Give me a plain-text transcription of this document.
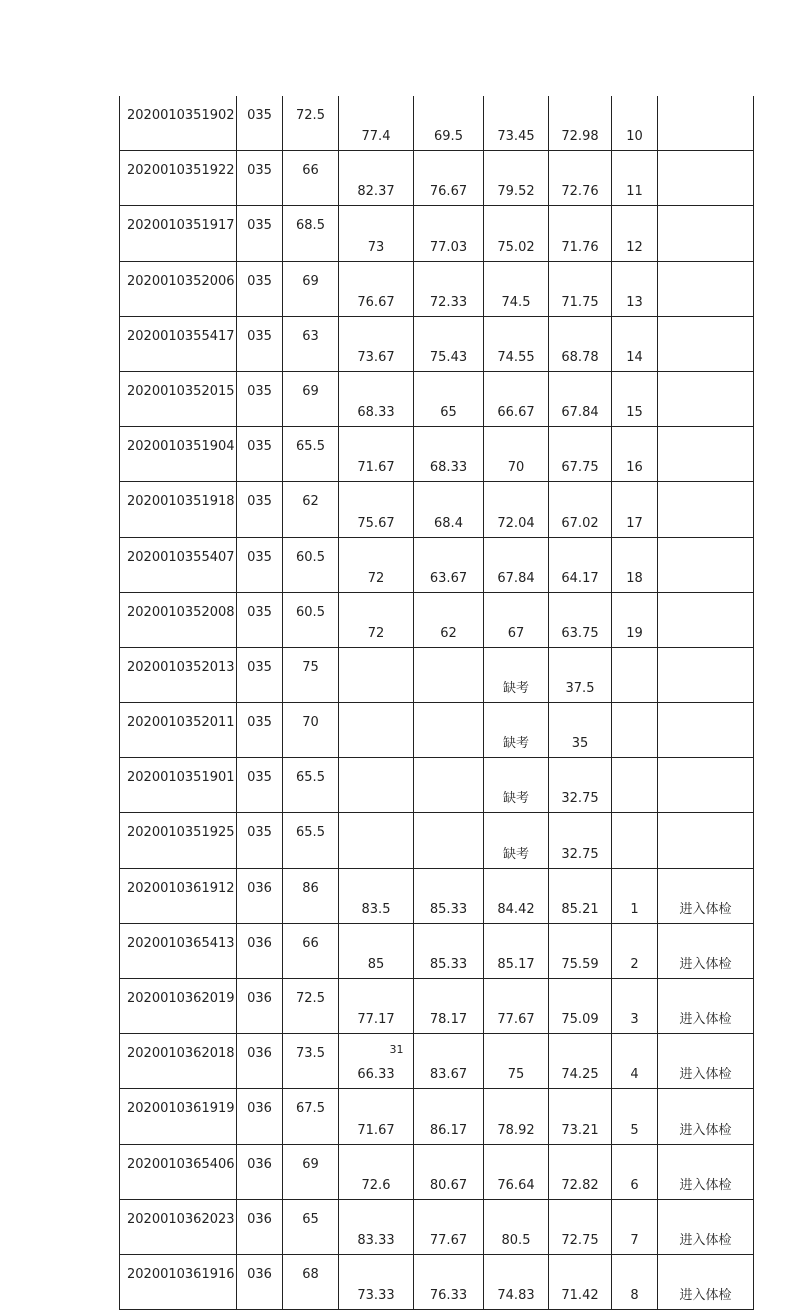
2020010351902	035	72.5	77.4	69.5	73.45	72.98	10	
2020010351922	035	66	82.37	76.67	79.52	72.76	11	
2020010351917	035	68.5	73	77.03	75.02	71.76	12	
2020010352006	035	69	76.67	72.33	74.5	71.75	13	
2020010355417	035	63	73.67	75.43	74.55	68.78	14	
2020010352015	035	69	68.33	65	66.67	67.84	15	
2020010351904	035	65.5	71.67	68.33	70	67.75	16	
2020010351918	035	62	75.67	68.4	72.04	67.02	17	
2020010355407	035	60.5	72	63.67	67.84	64.17	18	
2020010352008	035	60.5	72	62	67	63.75	19	
2020010352013	035	75			缺考	37.5		
2020010352011	035	70			缺考	35		
2020010351901	035	65.5			缺考	32.75		
2020010351925	035	65.5			缺考	32.75		
2020010361912	036	86	83.5	85.33	84.42	85.21	1	进入体检
2020010365413	036	66	85	85.33	85.17	75.59	2	进入体检
2020010362019	036	72.5	77.17	78.17	77.67	75.09	3	进入体检
2020010362018	036	73.5	66.33	83.67	75	74.25	4	进入体检
2020010361919	036	67.5	71.67	86.17	78.92	73.21	5	进入体检
2020010365406	036	69	72.6	80.67	76.64	72.82	6	进入体检
2020010362023	036	65	83.33	77.67	80.5	72.75	7	进入体检
2020010361916	036	68	73.33	76.33	74.83	71.42	8	进入体检
31
